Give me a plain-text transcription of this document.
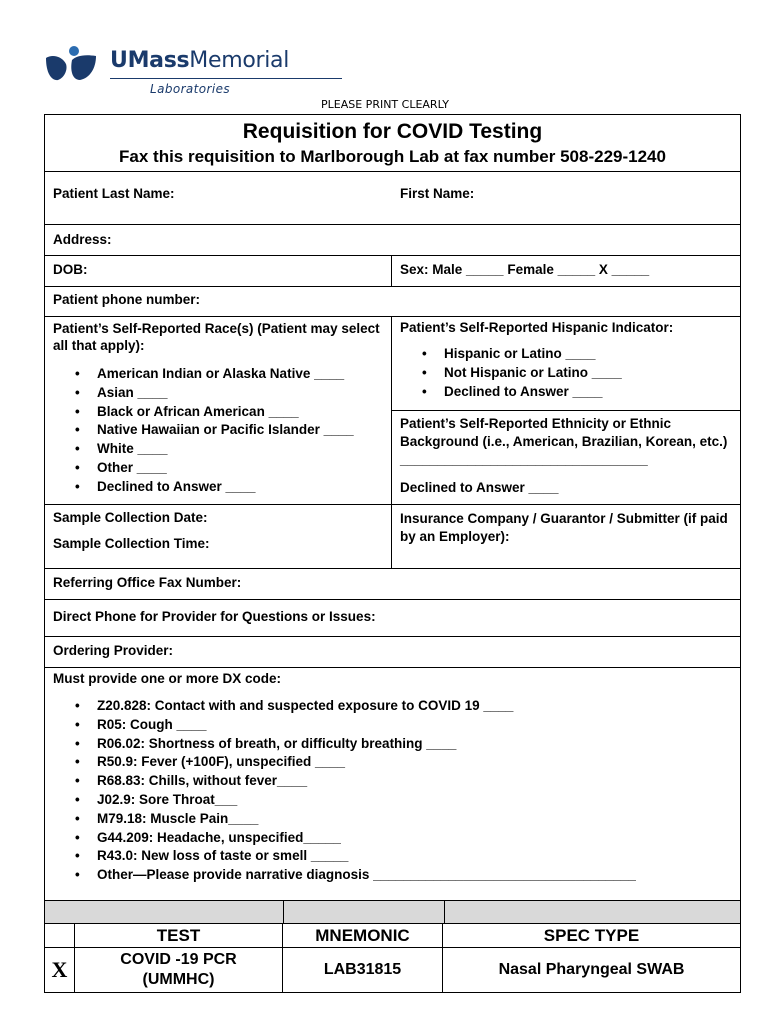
UMassMemorial
Laboratories
PLEASE PRINT CLEARLY
Requisition for COVID Testing
Fax this requisition to Marlborough Lab at fax number 508-229-1240
Patient Last Name:	First Name:
Address:
DOB:	Sex: Male _____ Female _____ X _____
Patient phone number:
Patient’s Self-Reported Race(s) (Patient may select all that apply):
• American Indian or Alaska Native ____
• Asian ____
• Black or African American ____
• Native Hawaiian or Pacific Islander ____
• White ____
• Other ____
• Declined to Answer ____
Patient’s Self-Reported Hispanic Indicator:
• Hispanic or Latino ____
• Not Hispanic or Latino ____
• Declined to Answer ____
Patient’s Self-Reported Ethnicity or Ethnic Background (i.e., American, Brazilian, Korean, etc.) _________________________________
Declined to Answer ____
Sample Collection Date:
Sample Collection Time:
Insurance Company / Guarantor / Submitter (if paid by an Employer):
Referring Office Fax Number:
Direct Phone for Provider for Questions or Issues:
Ordering Provider:
Must provide one or more DX code:
• Z20.828: Contact with and suspected exposure to COVID 19 ____
• R05: Cough ____
• R06.02: Shortness of breath, or difficulty breathing ____
• R50.9: Fever (+100F), unspecified ____
• R68.83: Chills, without fever____
• J02.9: Sore Throat___
• M79.18: Muscle Pain____
• G44.209: Headache, unspecified_____
• R43.0: New loss of taste or smell _____
• Other—Please provide narrative diagnosis ___________________________________
X
TEST
COVID -19 PCR (UMMHC)
MNEMONIC
LAB31815
SPEC TYPE
Nasal Pharyngeal SWAB
